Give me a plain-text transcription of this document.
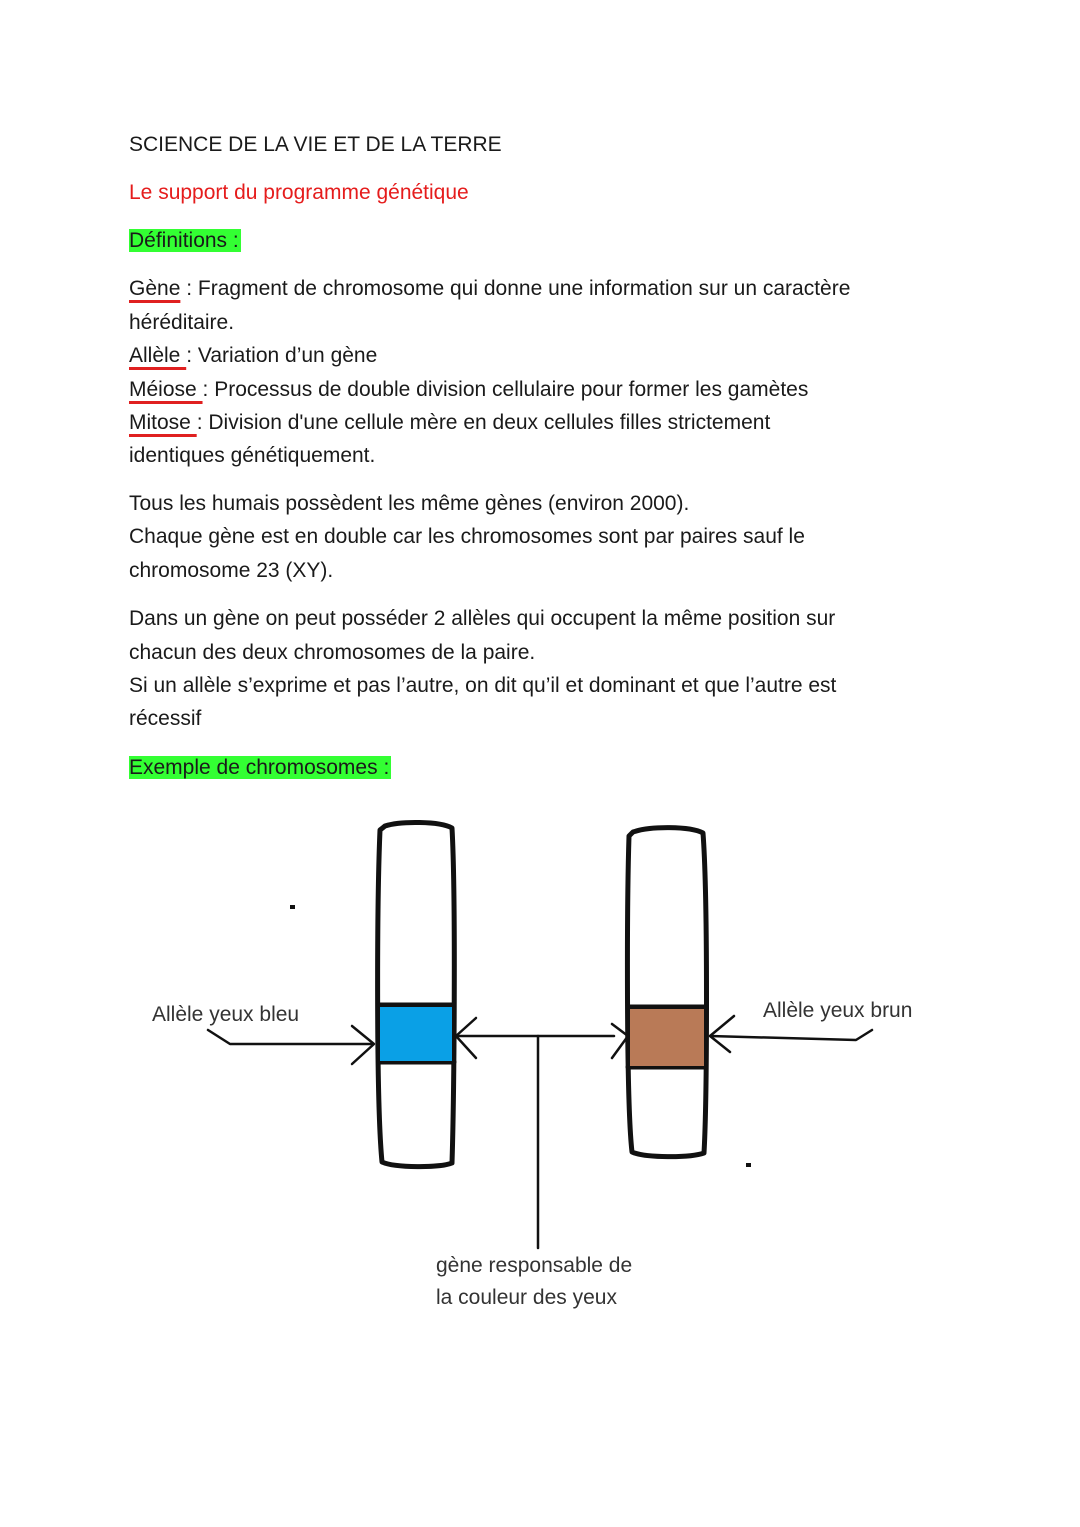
SCIENCE DE LA VIE ET DE LA TERRE
Le support du programme génétique
Définitions :
Gène : Fragment de chromosome qui donne une information sur un caractère
héréditaire.
Allèle : Variation d’un gène
Méiose : Processus de double division cellulaire pour former les gamètes
Mitose : Division d'une cellule mère en deux cellules filles strictement
identiques génétiquement.
Tous les humais possèdent les même gènes (environ 2000).
Chaque gène est en double car les chromosomes sont par paires sauf le
chromosome 23 (XY).
Dans un gène on peut posséder 2 allèles qui occupent la même position sur
chacun des deux chromosomes de la paire.
Si un allèle s’exprime et pas l’autre, on dit qu’il et dominant et que l’autre est
récessif
Exemple de chromosomes :
Allèle yeux bleu	Allèle yeux brun
gène responsable de
la couleur des yeux
